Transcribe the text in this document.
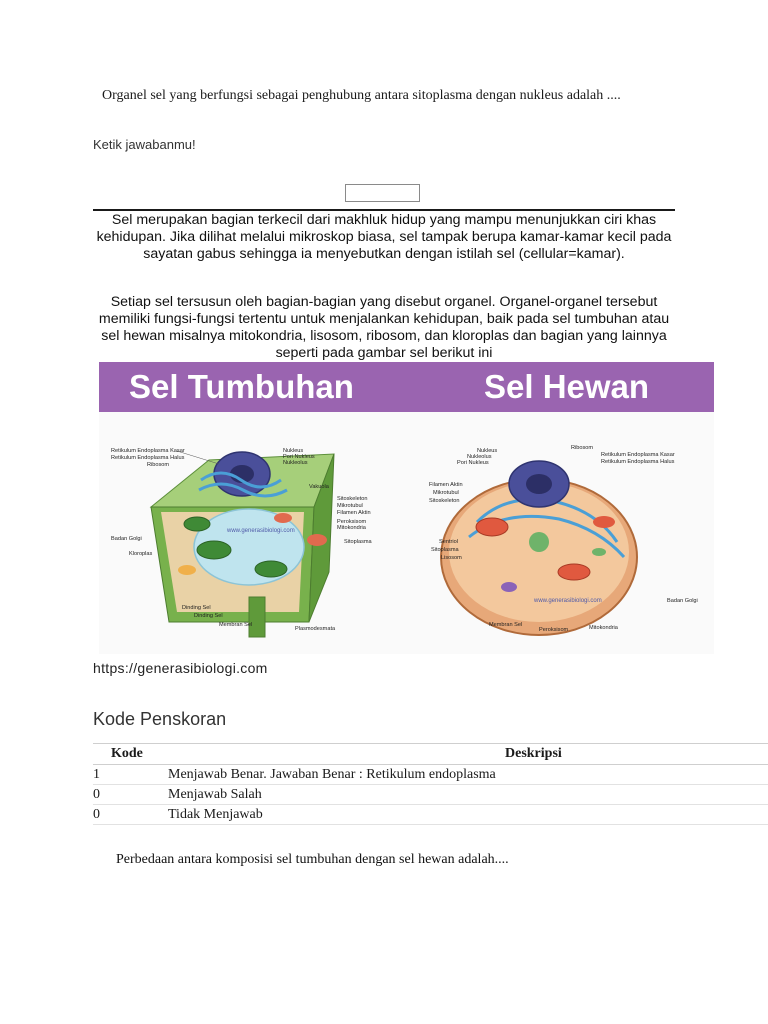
Organel sel yang berfungsi sebagai penghubung antara sitoplasma dengan nukleus adalah ....
Ketik jawabanmu!
Sel merupakan bagian terkecil dari makhluk hidup yang mampu menunjukkan ciri khas kehidupan. Jika dilihat melalui mikroskop biasa, sel tampak berupa kamar-kamar kecil pada sayatan gabus sehingga ia menyebutkan dengan istilah sel (cellular=kamar).
Setiap sel tersusun oleh bagian-bagian yang disebut organel. Organel-organel tersebut memiliki fungsi-fungsi tertentu untuk menjalankan kehidupan, baik pada sel tumbuhan atau sel hewan misalnya mitokondria, lisosom, ribosom, dan kloroplas dan bagian yang lainnya seperti pada gambar sel berikut ini
Sel Tumbuhan	Sel Hewan
www.generasibiologi.com
Retikulum Endoplasma Kasar
Retikulum Endoplasma Halus
Ribosom
Nukleus
Pori Nukleus
Nukleolus
Vakuola
Sitoskeleton
Mikrotubul
Filamen Aktin
Peroksisom
Mitokondria
Sitoplasma
Badan Golgi
Kloroplas
Dinding Sel
Dinding Sel
Membran Sel
Plasmodesmata
www.generasibiologi.com
Nukleus
Nukleolus
Pori Nukleus
Ribosom
Retikulum Endoplasma Kasar
Retikulum Endoplasma Halus
Filamen Aktin
Mikrotubul
Sitoskeleton
Sentriol
Sitoplasma
Lisosom
Badan Golgi
Membran Sel
Peroksisom	Mitokondria
https://generasibiologi.com
Kode Penskoran
Kode	Deskripsi
1	Menjawab Benar. Jawaban Benar : Retikulum endoplasma
0	Menjawab Salah
0	Tidak Menjawab
Perbedaan antara komposisi sel tumbuhan dengan sel hewan adalah....
